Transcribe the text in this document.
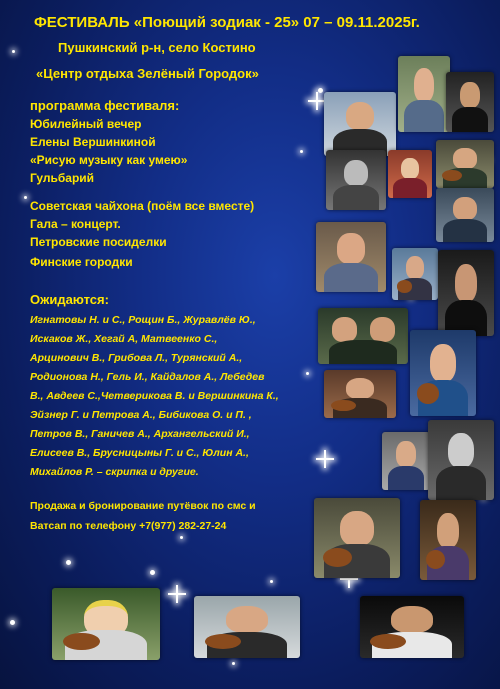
ФЕСТИВАЛЬ «Поющий зодиак - 25» 07 – 09.11.2025г.
Пушкинский р-н, село Костино
«Центр отдыха Зелёный Городок»
программа фестиваля:
Юбилейный вечер
Елены Вершинкиной
«Рисую музыку как умею»
Гульбарий
Советская чайхона (поём все вместе)
Гала – концерт.
Петровские посиделки
Финские городки
Ожидаются:
Игнатовы Н. и С., Рощин Б., Журавлёв Ю.,
Искаков Ж., Хегай А, Матвеенко С.,
Арцинович В., Грибова Л., Турянский А.,
Родионова Н., Гель И., Кайдалов А., Лебедев
В., Авдеев С.,Четверикова В. и Вершинкина К.,
Эйзнер Г. и Петрова А., Бибикова О. и П. ,
Петров В., Ганичев А., Архангельский И.,
Елисеев В., Брусницыны Г. и С., Юлин А.,
Михайлов Р. – скрипка и другие.
Продажа и бронирование путёвок по смс и
Ватсап по телефону +7(977) 282-27-24
